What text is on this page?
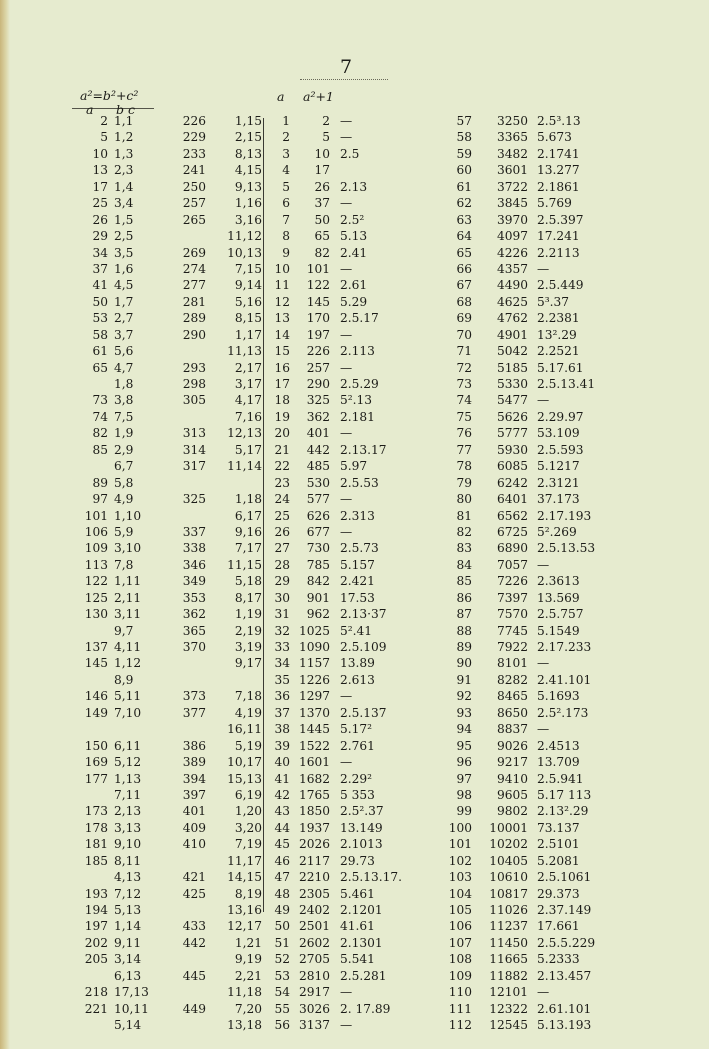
7
a²=b²+c²
a b c
a a²+1
2
5
10
13
17
25
26
29
34
37
41
50
53
58
61
65
73
74
82
85
89
97
101
106
109
113
122
125
130
137
145
146
149
150
169
177
173
178
181
185
193
194
197
202
205
218
221
1,1
1,2
1,3
2,3
1,4
3,4
1,5
2,5
3,5
1,6
4,5
1,7
2,7
3,7
5,6
4,7
1,8
3,8
7,5
1,9
2,9
6,7
5,8
4,9
1,10
5,9
3,10
7,8
1,11
2,11
3,11
9,7
4,11
1,12
8,9
5,11
7,10
6,11
5,12
1,13
7,11
2,13
3,13
9,10
8,11
4,13
7,12
5,13
1,14
9,11
3,14
6,13
17,13
10,11
5,14
226
229
233
241
250
257
265
269
274
277
281
289
290
293
298
305
313
314
317
325
337
338
346
349
353
362
365
370
373
377
386
389
394
397
401
409
410
421
425
433
442
445
449
1,15
2,15
8,13
4,15
9,13
1,16
3,16
11,12
10,13
7,15
9,14
5,16
8,15
1,17
11,13
2,17
3,17
4,17
7,16
12,13
5,17
11,14
1,18
6,17
9,16
7,17
11,15
5,18
8,17
1,19
2,19
3,19
9,17
7,18
4,19
16,11
5,19
10,17
15,13
6,19
1,20
3,20
7,19
11,17
14,15
8,19
13,16
12,17
1,21
9,19
2,21
11,18
7,20
13,18
1
2
3
4
5
6
7
8
9
10
11
12
13
14
15
16
17
18
19
20
21
22
23
24
25
26
27
28
29
30
31
32
33
34
35
36
37
38
39
40
41
42
43
44
45
46
47
48
49
50
51
52
53
54
55
56
2
5
10
17
26
37
50
65
82
101
122
145
170
197
226
257
290
325
362
401
442
485
530
577
626
677
730
785
842
901
962
1025
1090
1157
1226
1297
1370
1445
1522
1601
1682
1765
1850
1937
2026
2117
2210
2305
2402
2501
2602
2705
2810
2917
3026
3137
—
—
2.5
2.13
—
2.5²
5.13
2.41
—
2.61
5.29
2.5.17
—
2.113
—
2.5.29
5².13
2.181
—
2.13.17
5.97
2.5.53
—
2.313
—
2.5.73
5.157
2.421
17.53
2.13·37
5².41
2.5.109
13.89
2.613
—
2.5.137
5.17²
2.761
—
2.29²
5 353
2.5².37
13.149
2.1013
29.73
2.5.13.17.
5.461
2.1201
41.61
2.1301
5.541
2.5.281
—
2. 17.89
—
57
58
59
60
61
62
63
64
65
66
67
68
69
70
71
72
73
74
75
76
77
78
79
80
81
82
83
84
85
86
87
88
89
90
91
92
93
94
95
96
97
98
99
100
101
102
103
104
105
106
107
108
109
110
111
112
3250
3365
3482
3601
3722
3845
3970
4097
4226
4357
4490
4625
4762
4901
5042
5185
5330
5477
5626
5777
5930
6085
6242
6401
6562
6725
6890
7057
7226
7397
7570
7745
7922
8101
8282
8465
8650
8837
9026
9217
9410
9605
9802
10001
10202
10405
10610
10817
11026
11237
11450
11665
11882
12101
12322
12545
2.5³.13
5.673
2.1741
13.277
2.1861
5.769
2.5.397
17.241
2.2113
—
2.5.449
5³.37
2.2381
13².29
2.2521
5.17.61
2.5.13.41
—
2.29.97
53.109
2.5.593
5.1217
2.3121
37.173
2.17.193
5².269
2.5.13.53
—
2.3613
13.569
2.5.757
5.1549
2.17.233
—
2.41.101
5.1693
2.5².173
—
2.4513
13.709
2.5.941
5.17 113
2.13².29
73.137
2.5101
5.2081
2.5.1061
29.373
2.37.149
17.661
2.5.5.229
5.2333
2.13.457
—
2.61.101
5.13.193
